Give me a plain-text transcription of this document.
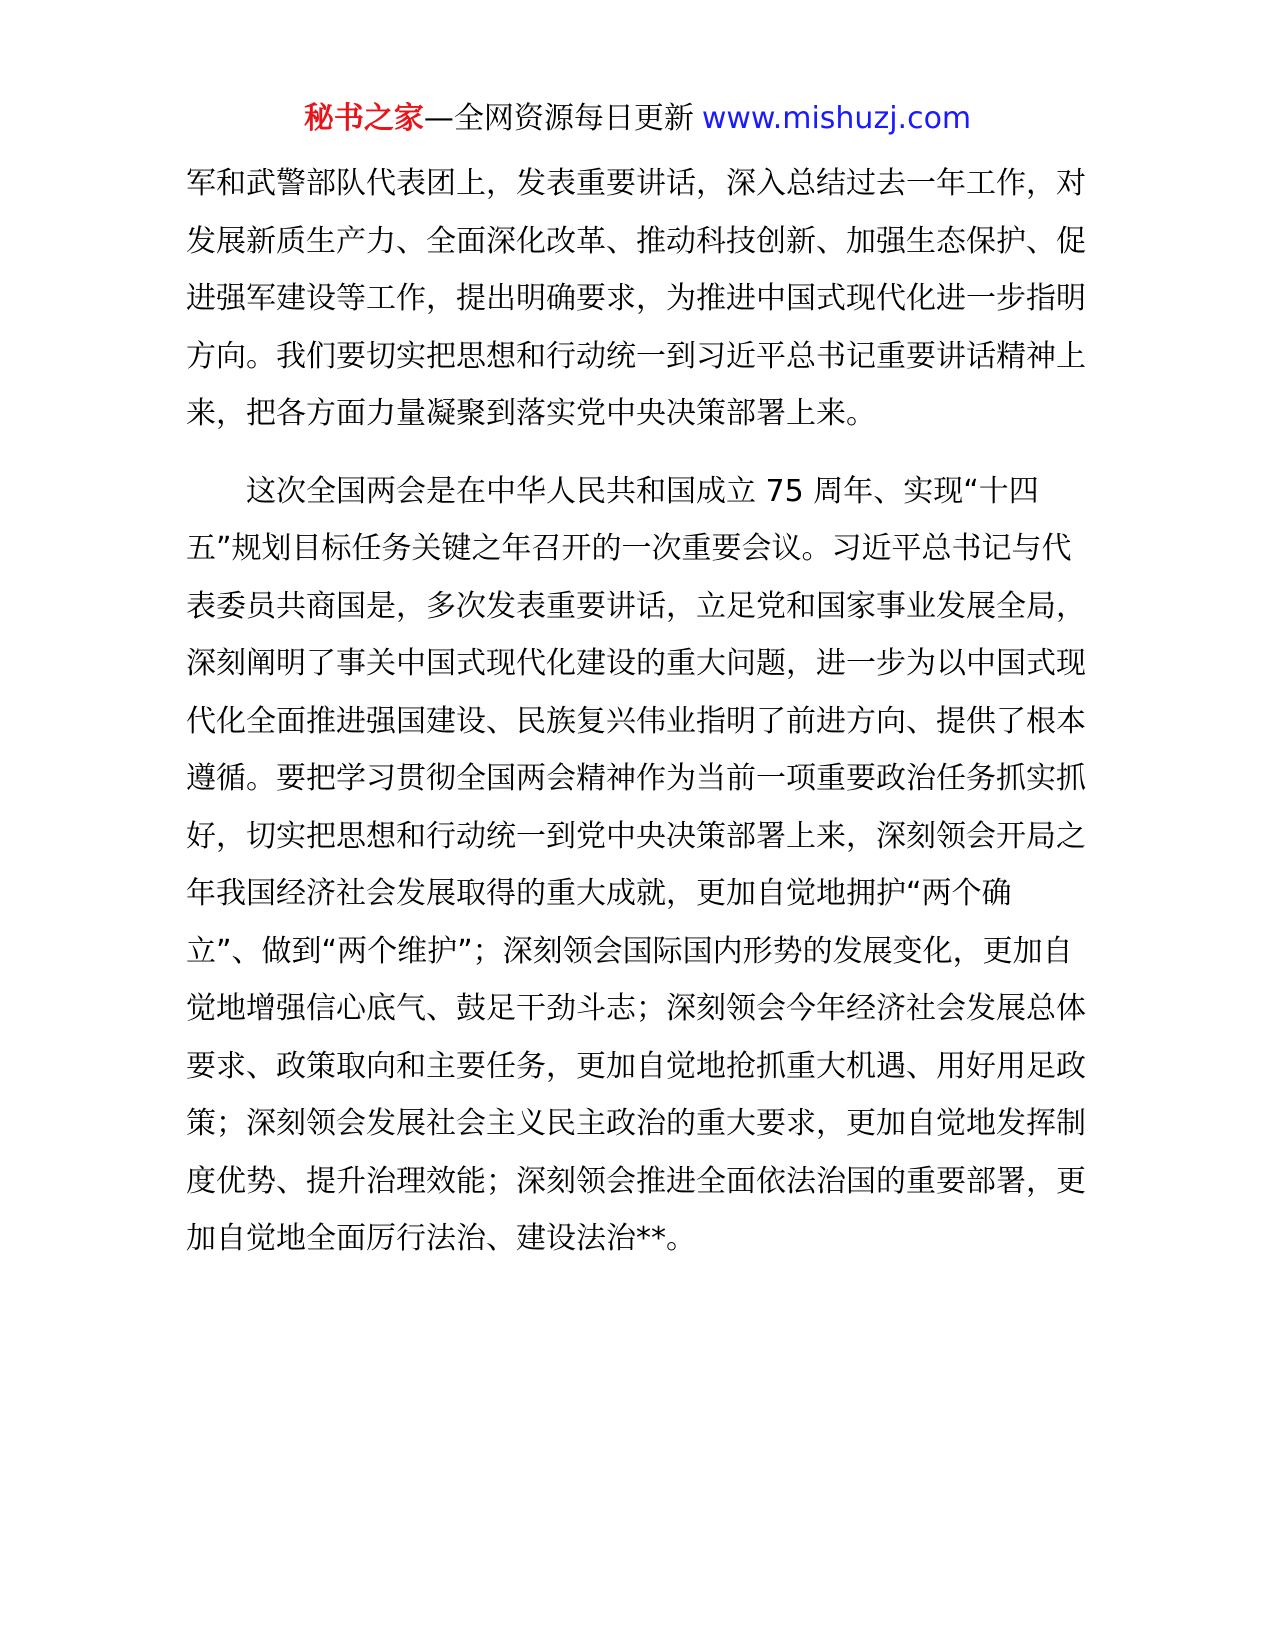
秘书之家—全网资源每日更新 www.mishuzj.com

军和武警部队代表团上，发表重要讲话，深入总结过去一年工作，对发展新质生产力、全面深化改革、推动科技创新、加强生态保护、促进强军建设等工作，提出明确要求，为推进中国式现代化进一步指明方向。我们要切实把思想和行动统一到习近平总书记重要讲话精神上来，把各方面力量凝聚到落实党中央决策部署上来。

这次全国两会是在中华人民共和国成立 75 周年、实现“十四五”规划目标任务关键之年召开的一次重要会议。习近平总书记与代表委员共商国是，多次发表重要讲话，立足党和国家事业发展全局，深刻阐明了事关中国式现代化建设的重大问题，进一步为以中国式现代化全面推进强国建设、民族复兴伟业指明了前进方向、提供了根本遵循。要把学习贯彻全国两会精神作为当前一项重要政治任务抓实抓好，切实把思想和行动统一到党中央决策部署上来，深刻领会开局之年我国经济社会发展取得的重大成就，更加自觉地拥护“两个确立”、做到“两个维护”；深刻领会国际国内形势的发展变化，更加自觉地增强信心底气、鼓足干劲斗志；深刻领会今年经济社会发展总体要求、政策取向和主要任务，更加自觉地抢抓重大机遇、用好用足政策；深刻领会发展社会主义民主政治的重大要求，更加自觉地发挥制度优势、提升治理效能；深刻领会推进全面依法治国的重要部署，更加自觉地全面厉行法治、建设法治**。
